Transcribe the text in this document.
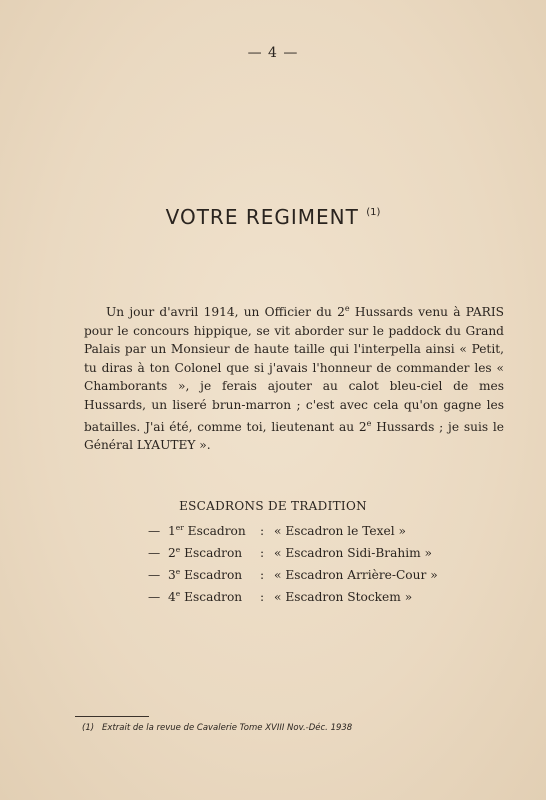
— 4 —
VOTRE REGIMENT $^{(1)}$

Un jour d'avril 1914, un Officier du 2e Hussards venu à PARIS pour le concours hippique, se vit aborder sur le paddock du Grand Palais par un Monsieur de haute taille qui l'interpella ainsi « Petit, tu diras à ton Colonel que si j'avais l'honneur de commander les « Chamborants », je ferais ajouter au calot bleu-ciel de mes Hussards, un liseré brun-marron ; c'est avec cela qu'on gagne les batailles. J'ai été, comme toi, lieutenant au 2e Hussards ; je suis le Général LYAUTEY ».

ESCADRONS DE TRADITION
— 1er Escadron	: « Escadron le Texel »
— 2e Escadron	: « Escadron Sidi-Brahim »
— 3e Escadron	: « Escadron Arrière-Cour »
— 4e Escadron	: « Escadron Stockem »
(1) Extrait de la revue de Cavalerie Tome XVIII Nov.-Déc. 1938
